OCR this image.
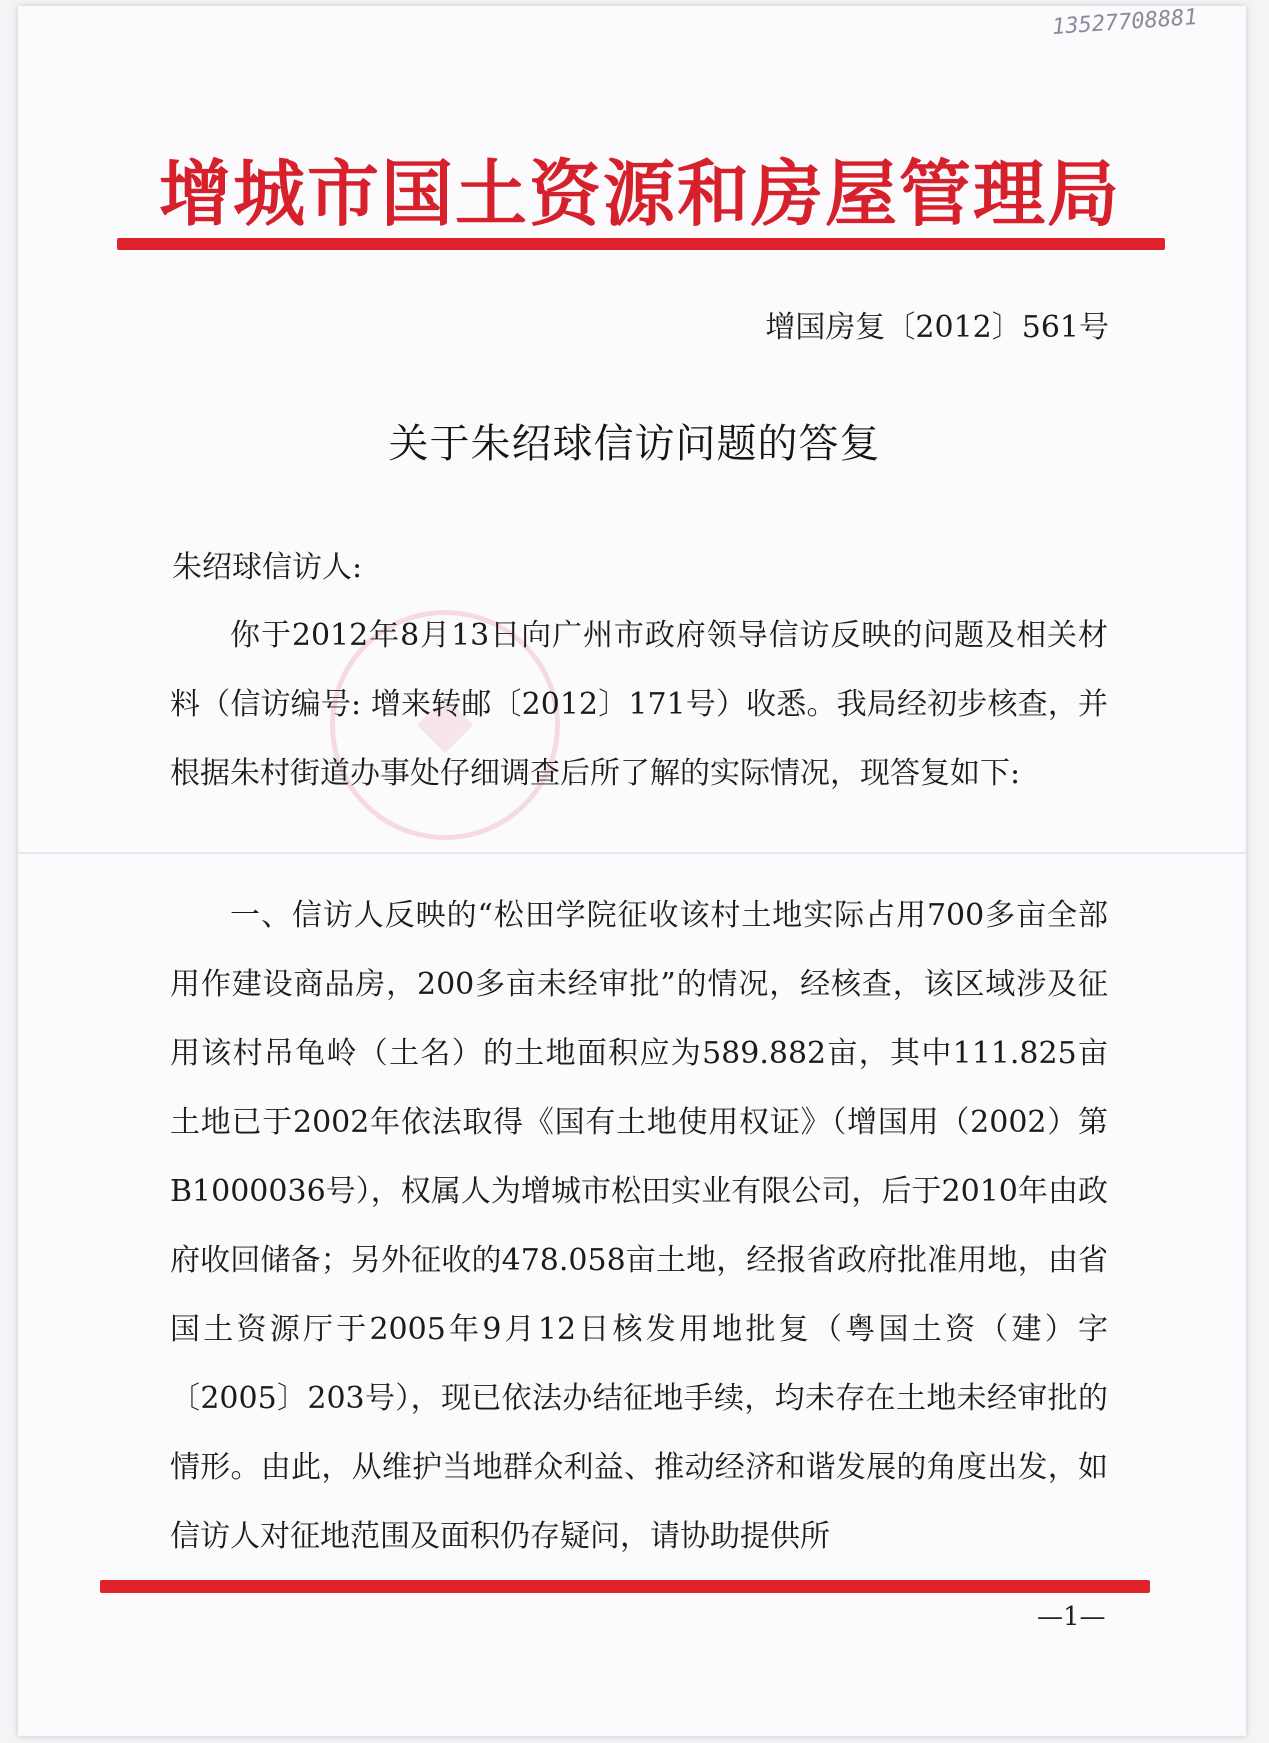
13527708881
增城市国土资源和房屋管理局
增国房复〔2012〕561号
关于朱绍球信访问题的答复
朱绍球信访人:
你于2012年8月13日向广州市政府领导信访反映的问题及相关材料（信访编号: 增来转邮〔2012〕171号）收悉。我局经初步核查，并根据朱村街道办事处仔细调查后所了解的实际情况，现答复如下:
一、信访人反映的“松田学院征收该村土地实际占用700多亩全部用作建设商品房，200多亩未经审批”的情况，经核查，该区域涉及征用该村吊龟岭（土名）的土地面积应为589.882亩，其中111.825亩土地已于2002年依法取得《国有土地使用权证》（增国用（2002）第B1000036号），权属人为增城市松田实业有限公司，后于2010年由政府收回储备；另外征收的478.058亩土地，经报省政府批准用地，由省国土资源厅于2005年9月12日核发用地批复（粤国土资（建）字〔2005〕203号），现已依法办结征地手续，均未存在土地未经审批的情形。由此，从维护当地群众利益、推动经济和谐发展的角度出发，如信访人对征地范围及面积仍存疑问，请协助提供所
—1—
